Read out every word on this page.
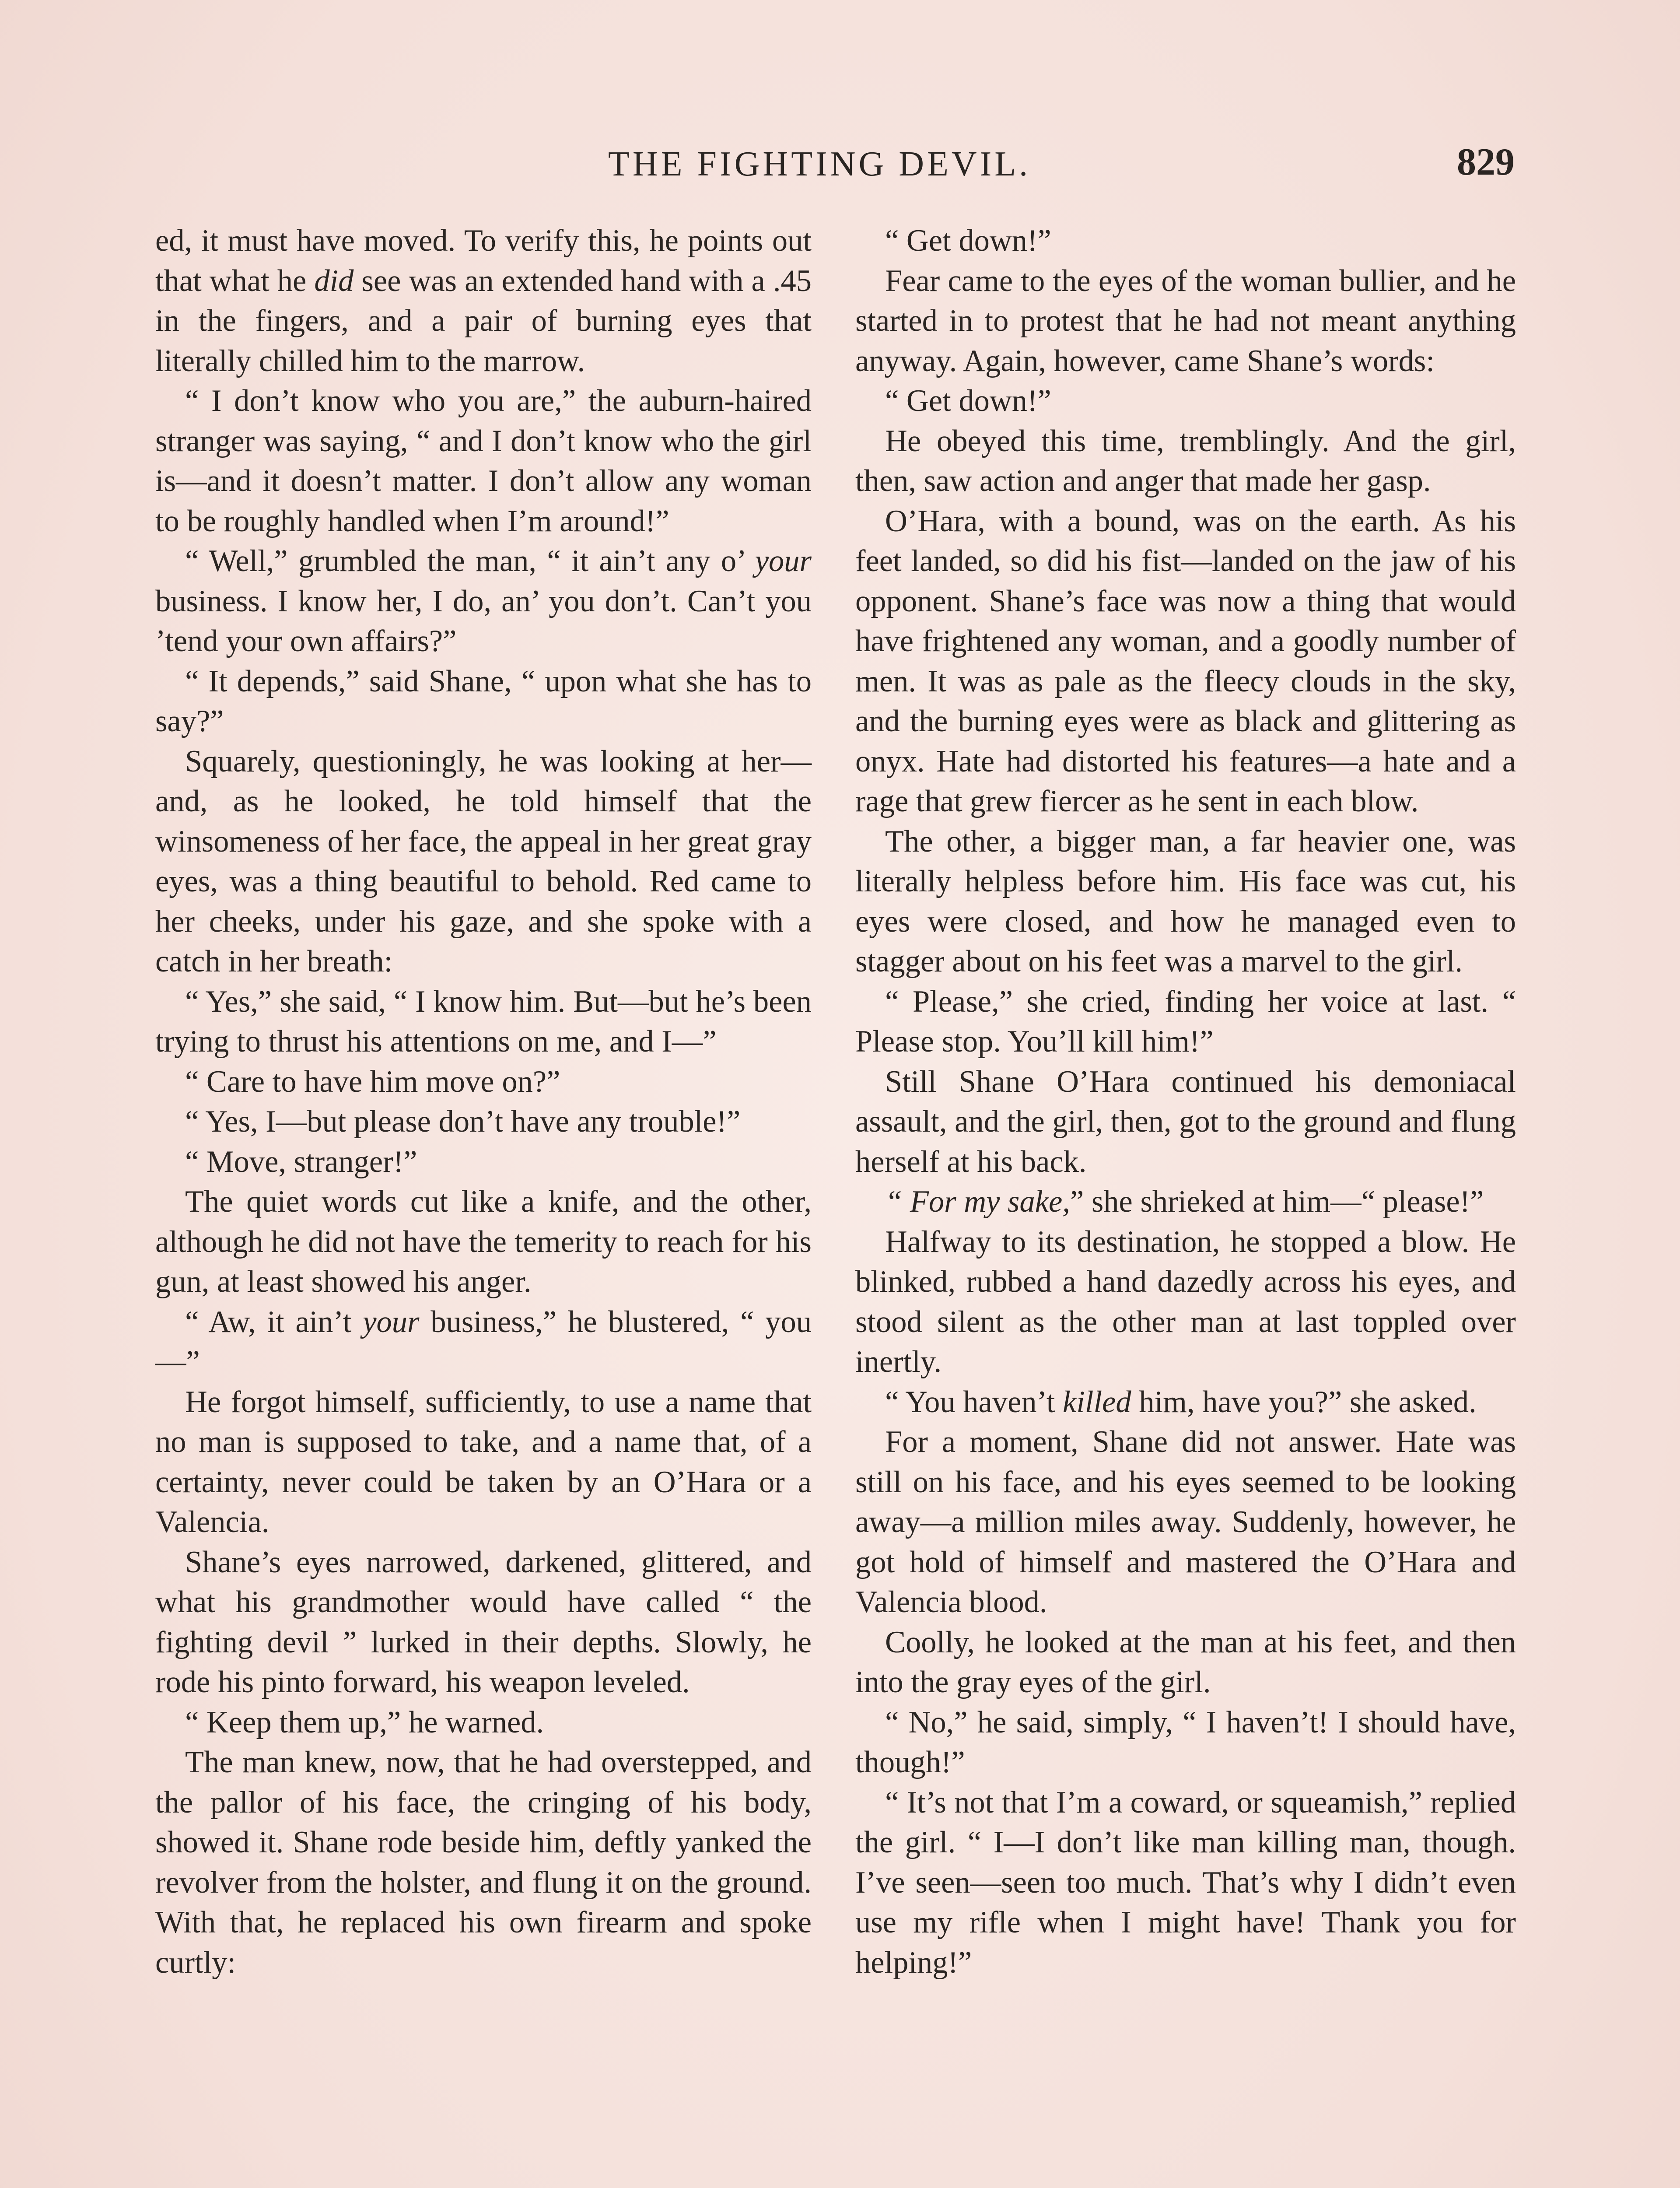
THE FIGHTING DEVIL.	829

ed, it must have moved. To verify this, he points out that what he did see was an extended hand with a .45 in the fingers, and a pair of burning eyes that literally chilled him to the marrow.

“ I don’t know who you are,” the auburn-haired stranger was saying, “ and I don’t know who the girl is—and it doesn’t matter. I don’t allow any woman to be roughly handled when I’m around!”

“ Well,” grumbled the man, “ it ain’t any o’ your business. I know her, I do, an’ you don’t. Can’t you ’tend your own affairs?”

“ It depends,” said Shane, “ upon what she has to say?”

Squarely, questioningly, he was looking at her—and, as he looked, he told himself that the winsomeness of her face, the appeal in her great gray eyes, was a thing beautiful to behold. Red came to her cheeks, under his gaze, and she spoke with a catch in her breath:

“ Yes,” she said, “ I know him. But—but he’s been trying to thrust his attentions on me, and I—”

“ Care to have him move on?”

“ Yes, I—but please don’t have any trouble!”

“ Move, stranger!”

The quiet words cut like a knife, and the other, although he did not have the temerity to reach for his gun, at least showed his anger.

“ Aw, it ain’t your business,” he blustered, “ you—”

He forgot himself, sufficiently, to use a name that no man is supposed to take, and a name that, of a certainty, never could be taken by an O’Hara or a Valencia.

Shane’s eyes narrowed, darkened, glittered, and what his grandmother would have called “ the fighting devil ” lurked in their depths. Slowly, he rode his pinto forward, his weapon leveled.

“ Keep them up,” he warned.

The man knew, now, that he had overstepped, and the pallor of his face, the cringing of his body, showed it. Shane rode beside him, deftly yanked the revolver from the holster, and flung it on the ground. With that, he replaced his own firearm and spoke curtly:

“ Get down!”

Fear came to the eyes of the woman bullier, and he started in to protest that he had not meant anything anyway. Again, however, came Shane’s words:

“ Get down!”

He obeyed this time, tremblingly. And the girl, then, saw action and anger that made her gasp.

O’Hara, with a bound, was on the earth. As his feet landed, so did his fist—landed on the jaw of his opponent. Shane’s face was now a thing that would have frightened any woman, and a goodly number of men. It was as pale as the fleecy clouds in the sky, and the burning eyes were as black and glittering as onyx. Hate had distorted his features—a hate and a rage that grew fiercer as he sent in each blow.

The other, a bigger man, a far heavier one, was literally helpless before him. His face was cut, his eyes were closed, and how he managed even to stagger about on his feet was a marvel to the girl.

“ Please,” she cried, finding her voice at last. “ Please stop. You’ll kill him!”

Still Shane O’Hara continued his demoniacal assault, and the girl, then, got to the ground and flung herself at his back.

“ For my sake,” she shrieked at him—“ please!”

Halfway to its destination, he stopped a blow. He blinked, rubbed a hand dazedly across his eyes, and stood silent as the other man at last toppled over inertly.

“ You haven’t killed him, have you?” she asked.

For a moment, Shane did not answer. Hate was still on his face, and his eyes seemed to be looking away—a million miles away. Suddenly, however, he got hold of himself and mastered the O’Hara and Valencia blood.

Coolly, he looked at the man at his feet, and then into the gray eyes of the girl.

“ No,” he said, simply, “ I haven’t! I should have, though!”

“ It’s not that I’m a coward, or squeamish,” replied the girl. “ I—I don’t like man killing man, though. I’ve seen—seen too much. That’s why I didn’t even use my rifle when I might have! Thank you for helping!”
